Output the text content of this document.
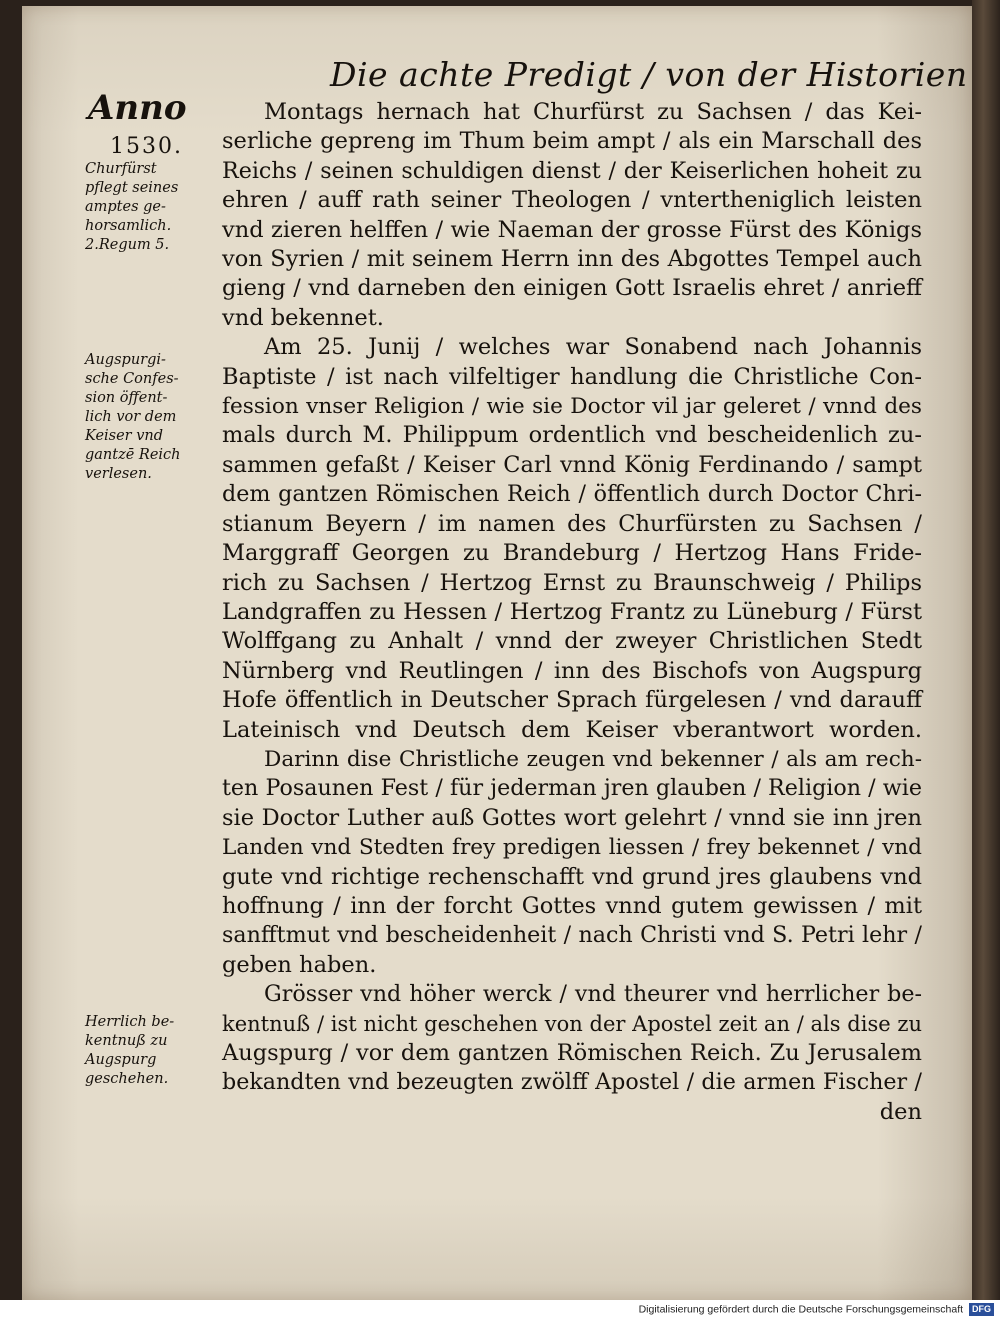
Die achte Predigt / von der Historien
Anno
1530.
Churfürst
pflegt seines
amptes ge-
horsamlich.
2.Regum 5.
Augspurgi-
sche Confes-
sion öffent-
lich vor dem
Keiser vnd
gantzē Reich
verlesen.
Herrlich be-
kentnuß zu
Augspurg
geschehen.
Montags hernach hat Churfürst zu Sachsen / das Kei-
serliche gepreng im Thum beim ampt / als ein Marschall des
Reichs / seinen schuldigen dienst / der Keiserlichen hoheit zu
ehren / auff rath seiner Theologen / vntertheniglich leisten
vnd zieren helffen / wie Naeman der grosse Fürst des Königs
von Syrien / mit seinem Herrn inn des Abgottes Tempel auch
gieng / vnd darneben den einigen Gott Israelis ehret / anrieff
vnd bekennet.
Am 25. Junij / welches war Sonabend nach Johannis
Baptiste / ist nach vilfeltiger handlung die Christliche Con-
fession vnser Religion / wie sie Doctor vil jar geleret / vnnd des
mals durch M. Philippum ordentlich vnd bescheidenlich zu-
sammen gefaßt / Keiser Carl vnnd König Ferdinando / sampt
dem gantzen Römischen Reich / öffentlich durch Doctor Chri-
stianum Beyern / im namen des Churfürsten zu Sachsen /
Marggraff Georgen zu Brandeburg / Hertzog Hans Fride-
rich zu Sachsen / Hertzog Ernst zu Braunschweig / Philips
Landgraffen zu Hessen / Hertzog Frantz zu Lüneburg / Fürst
Wolffgang zu Anhalt / vnnd der zweyer Christlichen Stedt
Nürnberg vnd Reutlingen / inn des Bischofs von Augspurg
Hofe öffentlich in Deutscher Sprach fürgelesen / vnd darauff
Lateinisch vnd Deutsch dem Keiser vberantwort worden.
Darinn dise Christliche zeugen vnd bekenner / als am rech-
ten Posaunen Fest / für jederman jren glauben / Religion / wie
sie Doctor Luther auß Gottes wort gelehrt / vnnd sie inn jren
Landen vnd Stedten frey predigen liessen / frey bekennet / vnd
gute vnd richtige rechenschafft vnd grund jres glaubens vnd
hoffnung / inn der forcht Gottes vnnd gutem gewissen / mit
sanfftmut vnd bescheidenheit / nach Christi vnd S. Petri lehr /
geben haben.
Grösser vnd höher werck / vnd theurer vnd herrlicher be-
kentnuß / ist nicht geschehen von der Apostel zeit an / als dise zu
Augspurg / vor dem gantzen Römischen Reich. Zu Jerusalem
bekandten vnd bezeugten zwölff Apostel / die armen Fischer /
den
Digitalisierung gefördert durch die Deutsche Forschungsgemeinschaft DFG
